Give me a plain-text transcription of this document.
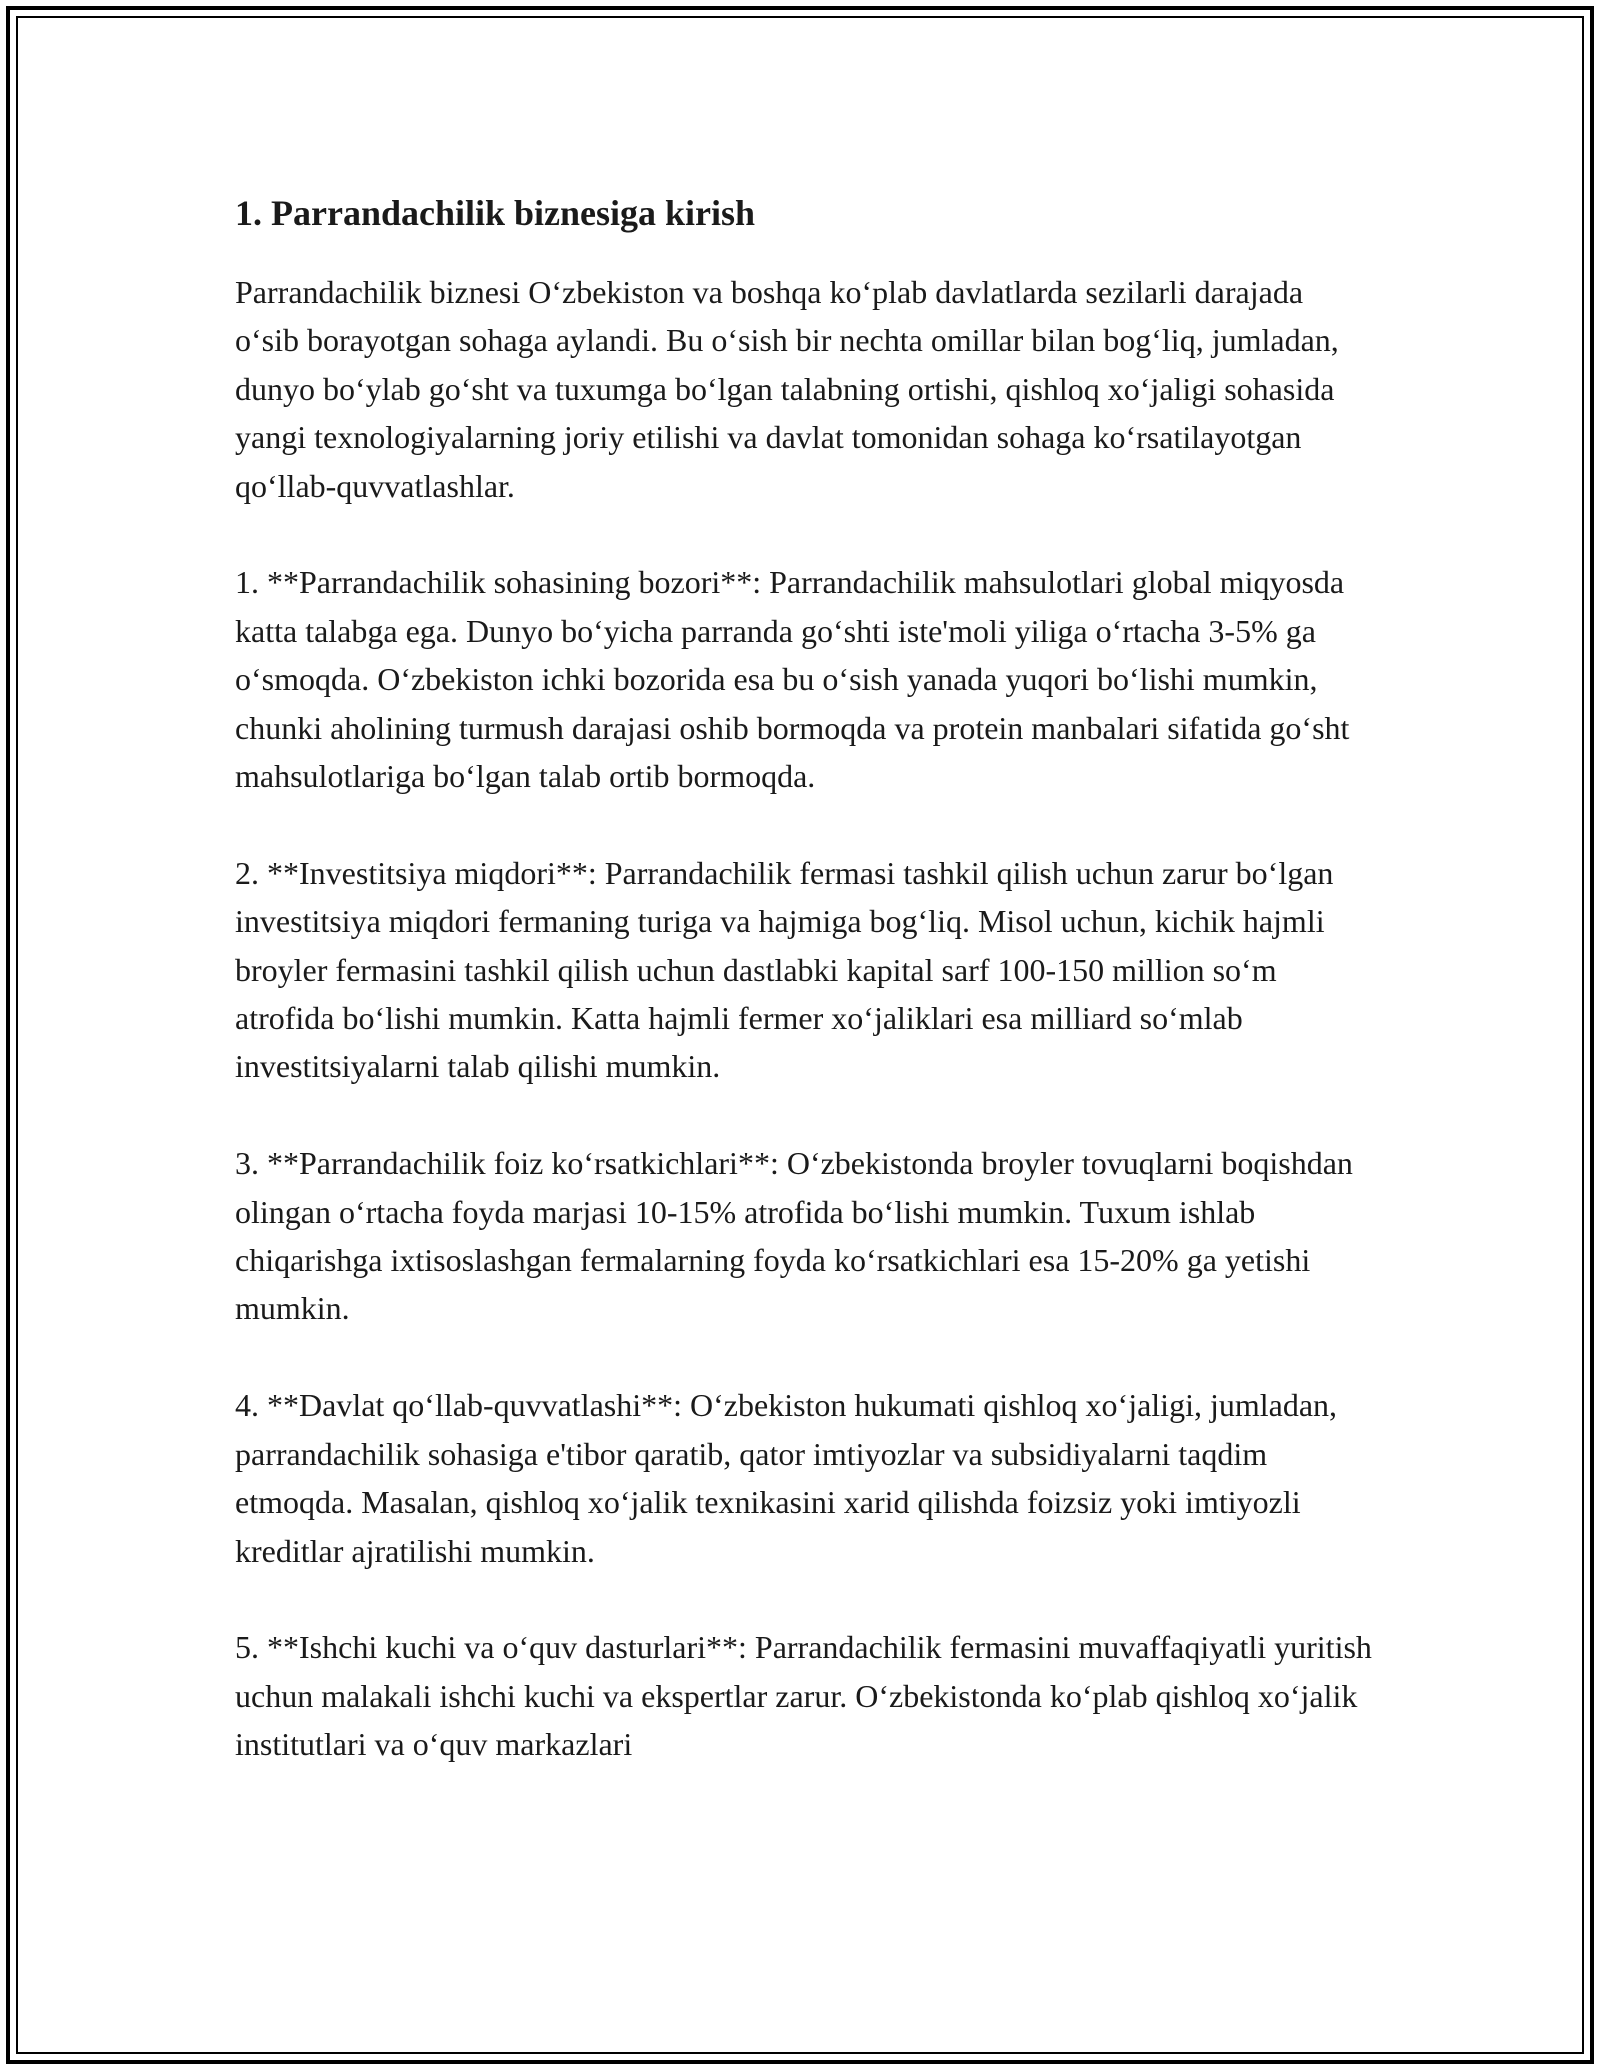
1. Parrandachilik biznesiga kirish

Parrandachilik biznesi O‘zbekiston va boshqa ko‘plab davlatlarda sezilarli darajada o‘sib borayotgan sohaga aylandi. Bu o‘sish bir nechta omillar bilan bog‘liq, jumladan, dunyo bo‘ylab go‘sht va tuxumga bo‘lgan talabning ortishi, qishloq xo‘jaligi sohasida yangi texnologiyalarning joriy etilishi va davlat tomonidan sohaga ko‘rsatilayotgan qo‘llab-quvvatlashlar.

1. **Parrandachilik sohasining bozori**: Parrandachilik mahsulotlari global miqyosda katta talabga ega. Dunyo bo‘yicha parranda go‘shti iste'moli yiliga o‘rtacha 3-5% ga o‘smoqda. O‘zbekiston ichki bozorida esa bu o‘sish yanada yuqori bo‘lishi mumkin, chunki aholining turmush darajasi oshib bormoqda va protein manbalari sifatida go‘sht mahsulotlariga bo‘lgan talab ortib bormoqda.

2. **Investitsiya miqdori**: Parrandachilik fermasi tashkil qilish uchun zarur bo‘lgan investitsiya miqdori fermaning turiga va hajmiga bog‘liq. Misol uchun, kichik hajmli broyler fermasini tashkil qilish uchun dastlabki kapital sarf 100-150 million so‘m atrofida bo‘lishi mumkin. Katta hajmli fermer xo‘jaliklari esa milliard so‘mlab investitsiyalarni talab qilishi mumkin.

3. **Parrandachilik foiz ko‘rsatkichlari**: O‘zbekistonda broyler tovuqlarni boqishdan olingan o‘rtacha foyda marjasi 10-15% atrofida bo‘lishi mumkin. Tuxum ishlab chiqarishga ixtisoslashgan fermalarning foyda ko‘rsatkichlari esa 15-20% ga yetishi mumkin.

4. **Davlat qo‘llab-quvvatlashi**: O‘zbekiston hukumati qishloq xo‘jaligi, jumladan, parrandachilik sohasiga e'tibor qaratib, qator imtiyozlar va subsidiyalarni taqdim etmoqda. Masalan, qishloq xo‘jalik texnikasini xarid qilishda foizsiz yoki imtiyozli kreditlar ajratilishi mumkin.

5. **Ishchi kuchi va o‘quv dasturlari**: Parrandachilik fermasini muvaffaqiyatli yuritish uchun malakali ishchi kuchi va ekspertlar zarur. O‘zbekistonda ko‘plab qishloq xo‘jalik institutlari va o‘quv markazlari
